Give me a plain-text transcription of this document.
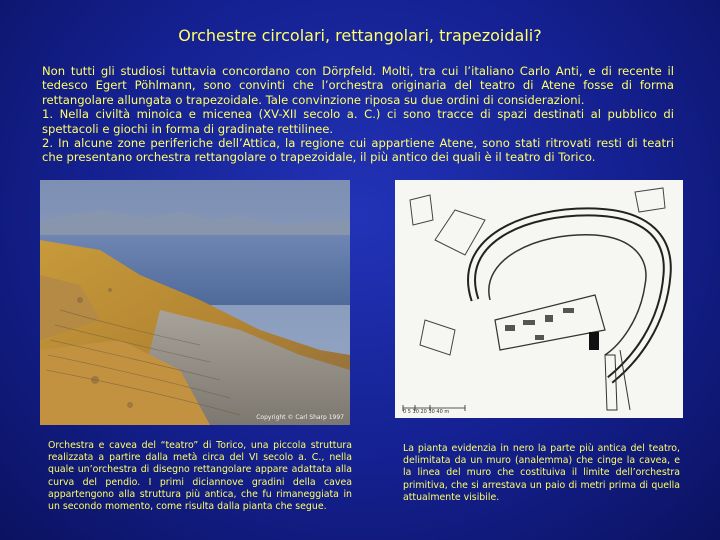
Orchestre circolari, rettangolari, trapezoidali?

Non tutti gli studiosi tuttavia concordano con Dörpfeld. Molti, tra cui l’italiano Carlo Anti, e di recente il tedesco Egert Pöhlmann, sono convinti che l’orchestra originaria del teatro di Atene fosse di forma rettangolare allungata o trapezoidale. Tale convinzione riposa su due ordini di considerazioni.

1. Nella civiltà minoica e micenea (XV-XII secolo a. C.) ci sono tracce di spazi destinati al pubblico di spettacoli e giochi in forma di gradinate rettilinee.

2. In alcune zone periferiche dell’Attica, la regione cui appartiene Atene, sono stati ritrovati resti di teatri che presentano orchestra rettangolare o trapezoidale, il più antico dei quali è il teatro di Torico.

Copyright © Carl Sharp 1997
0 5 10 20 30 40 m
Orchestra e cavea del “teatro” di Torico, una piccola struttura realizzata a partire dalla metà circa del VI secolo a. C., nella quale un’orchestra di disegno rettangolare appare adattata alla curva del pendio. I primi diciannove gradini della cavea appartengono alla struttura più antica, che fu rimaneggiata in un secondo momento, come risulta dalla pianta che segue.
La pianta evidenzia in nero la parte più antica del teatro, delimitata da un muro (analemma) che cinge la cavea, e la linea del muro che costituiva il limite dell’orchestra primitiva, che si arrestava un paio di metri prima di quella attualmente visibile.
